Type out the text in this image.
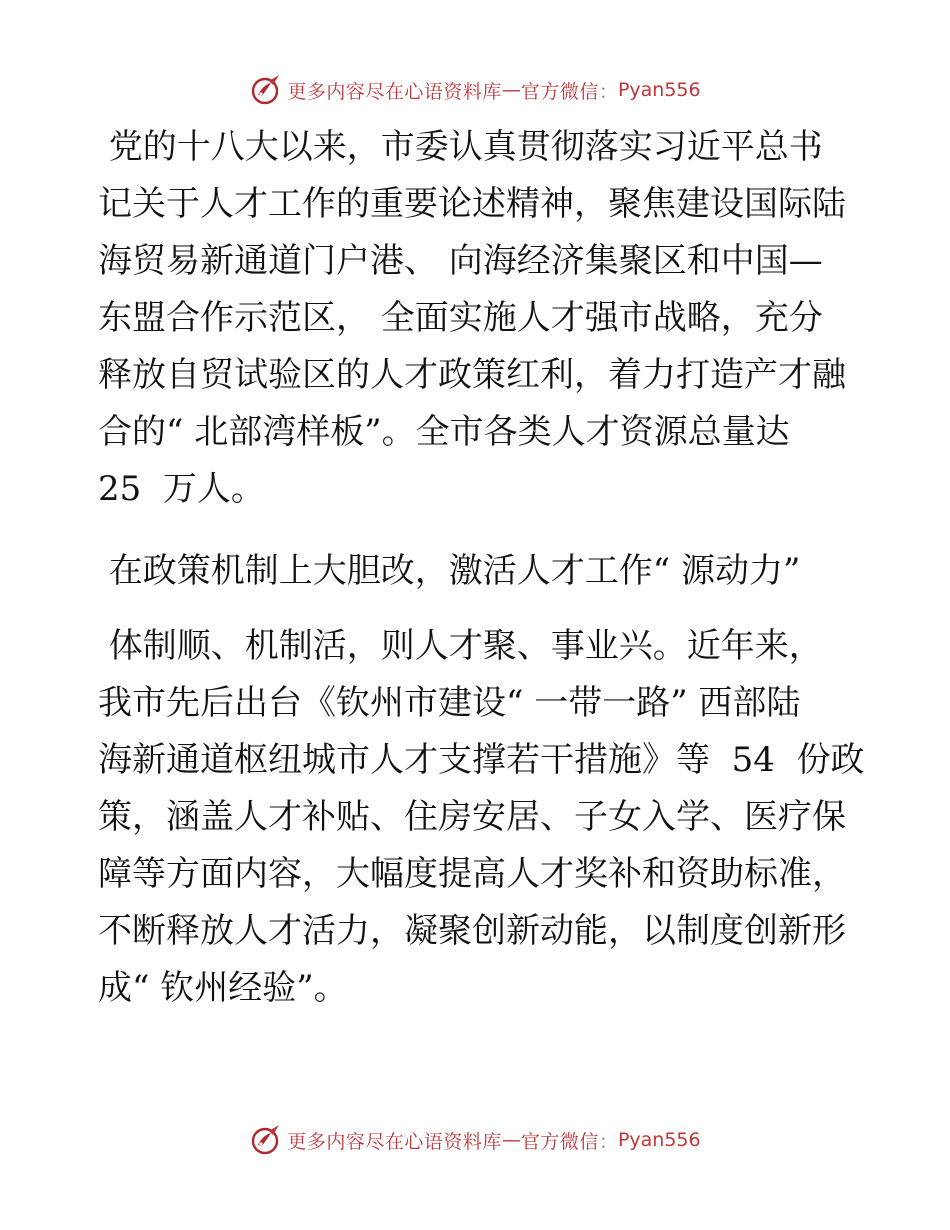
更多内容尽在心语资料库 — 官方微信 ： Pyan556
党的十八大以来，市委认真贯彻落实习近平总书
记关于人才工作的重要论述精神，聚焦建设国际陆
海贸易新通道门户港、 向海经济集聚区和中国—
东盟合作示范区， 全面实施人才强市战略，充分
释放自贸试验区的人才政策红利，着力打造产才融
合的“ 北部湾样板”。全市各类人才资源总量达
25  万人。
在政策机制上大胆改，激活人才工作“ 源动力”
体制顺、机制活，则人才聚、事业兴。近年来，
我市先后出台《钦州市建设“ 一带一路” 西部陆
海新通道枢纽城市人才支撑若干措施》等  54  份政
策，涵盖人才补贴、住房安居、子女入学、医疗保
障等方面内容，大幅度提高人才奖补和资助标准，
不断释放人才活力，凝聚创新动能，以制度创新形
成“ 钦州经验”。
更多内容尽在心语资料库 — 官方微信 ： Pyan556
